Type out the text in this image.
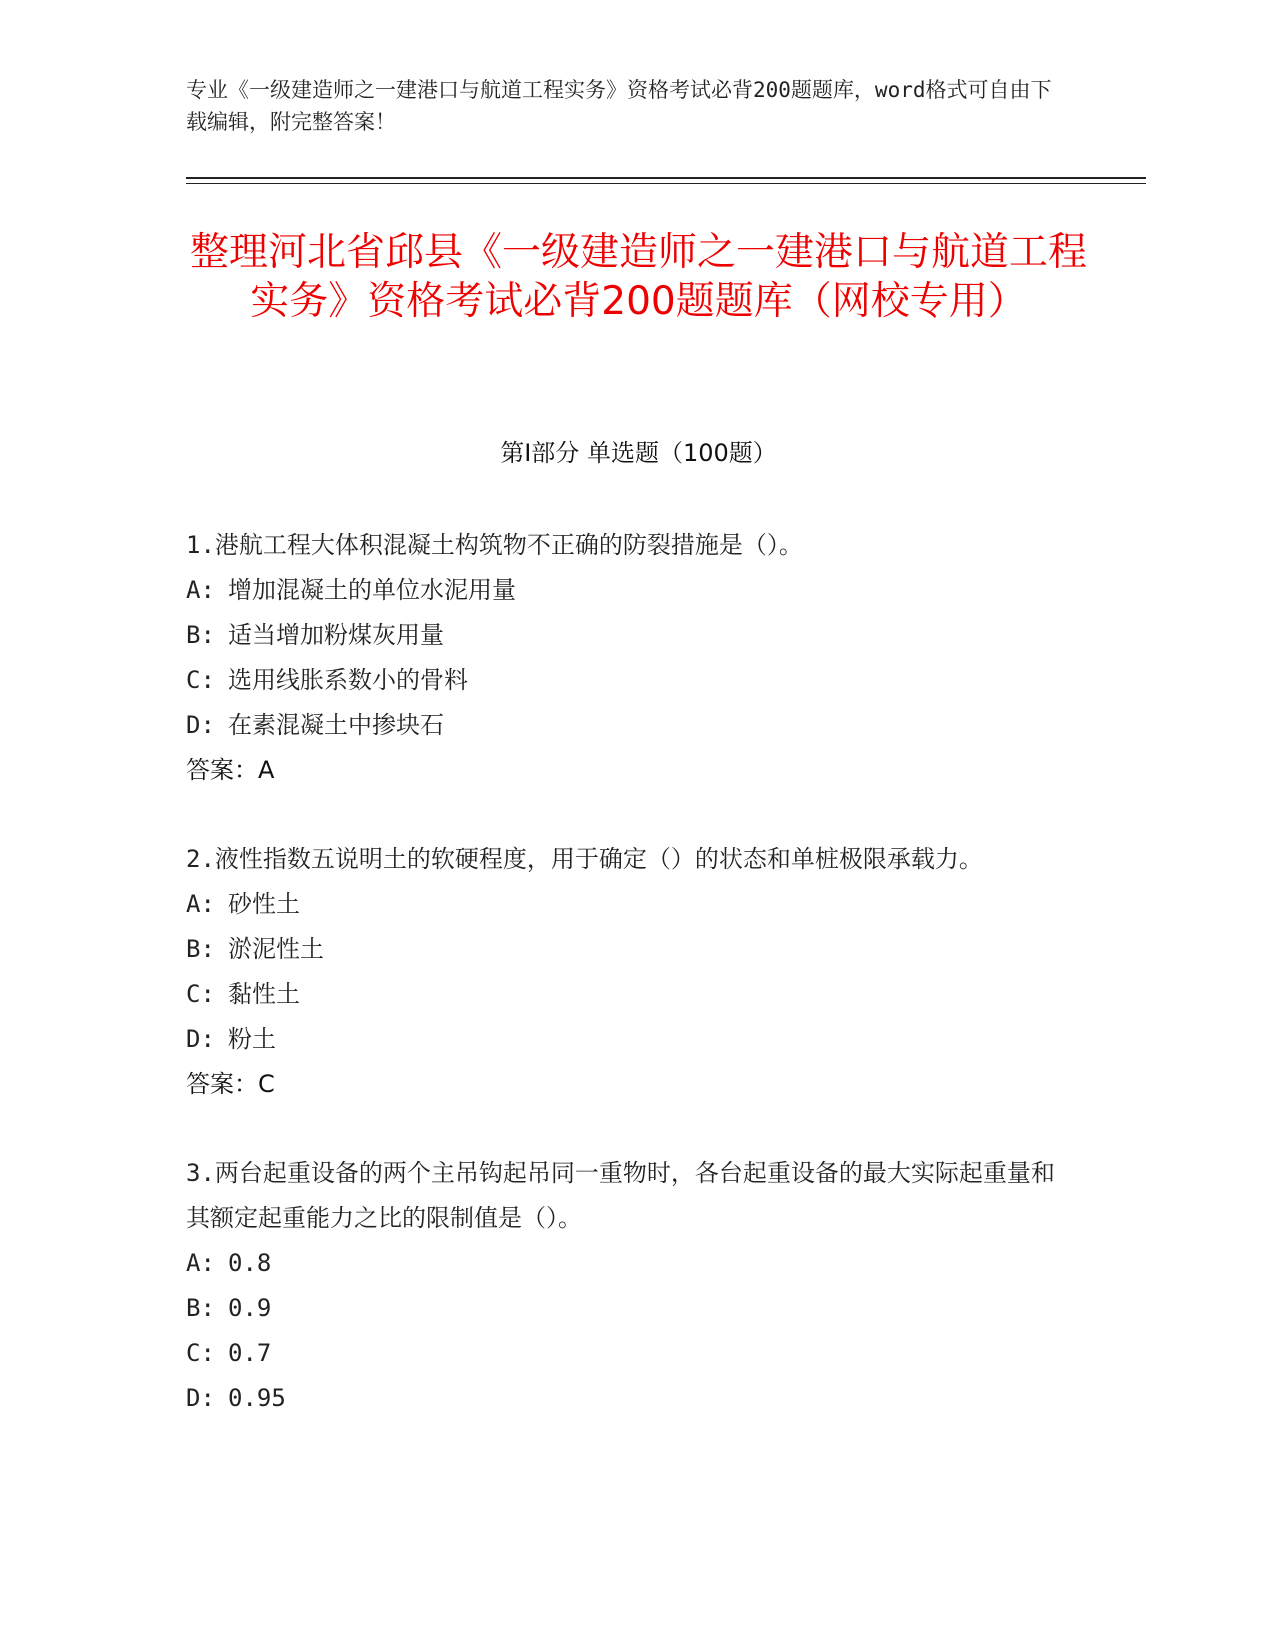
专业《一级建造师之一建港口与航道工程实务》资格考试必背200题题库，word格式可自由下载编辑，附完整答案！
整理河北省邱县《一级建造师之一建港口与航道工程实务》资格考试必背200题题库（网校专用）
第Ⅰ部分 单选题（100题）
1.港航工程大体积混凝土构筑物不正确的防裂措施是（）。
A: 增加混凝土的单位水泥用量
B: 适当增加粉煤灰用量
C: 选用线胀系数小的骨料
D: 在素混凝土中掺块石
答案：A
2.液性指数五说明土的软硬程度，用于确定（）的状态和单桩极限承载力。
A: 砂性土
B: 淤泥性土
C: 黏性土
D: 粉土
答案：C
3.两台起重设备的两个主吊钩起吊同一重物时，各台起重设备的最大实际起重量和其额定起重能力之比的限制值是（）。
A: 0.8
B: 0.9
C: 0.7
D: 0.95
